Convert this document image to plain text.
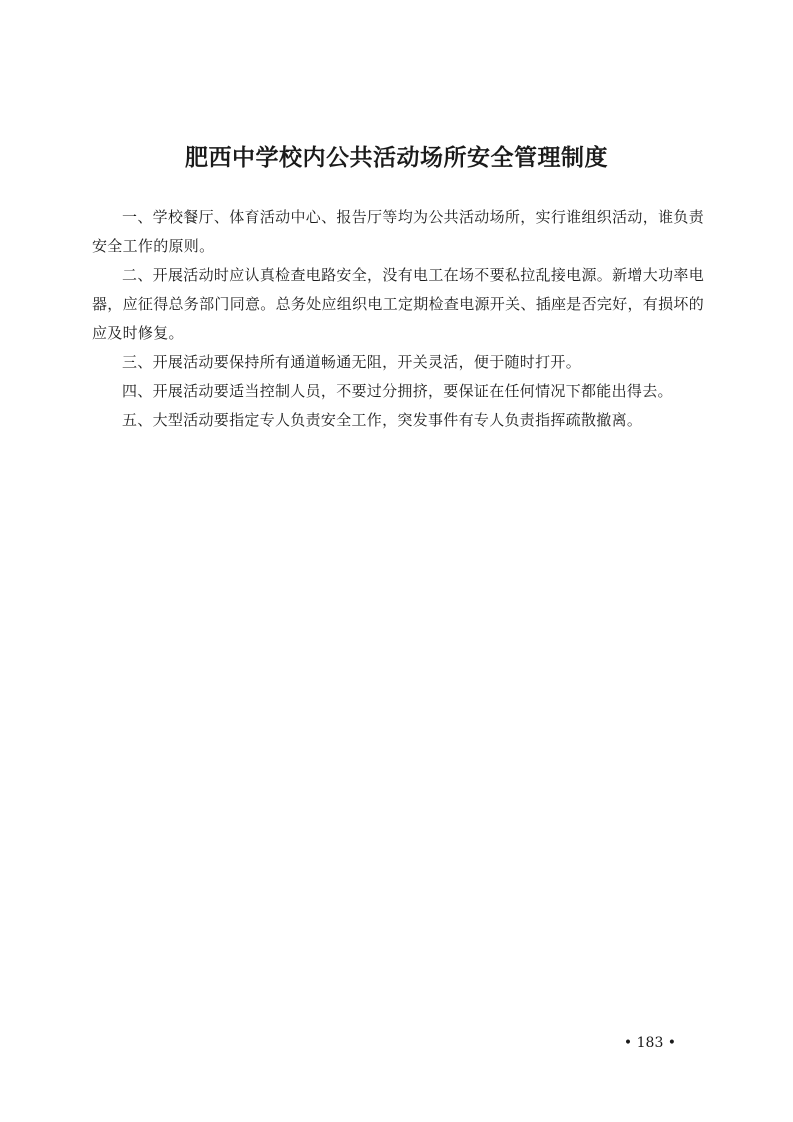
肥西中学校内公共活动场所安全管理制度

一、学校餐厅、体育活动中心、报告厅等均为公共活动场所，实行谁组织活动，谁负责安全工作的原则。

二、开展活动时应认真检查电路安全，没有电工在场不要私拉乱接电源。新增大功率电器，应征得总务部门同意。总务处应组织电工定期检查电源开关、插座是否完好，有损坏的应及时修复。

三、开展活动要保持所有通道畅通无阻，开关灵活，便于随时打开。

四、开展活动要适当控制人员，不要过分拥挤，要保证在任何情况下都能出得去。

五、大型活动要指定专人负责安全工作，突发事件有专人负责指挥疏散撤离。

• 183 •
